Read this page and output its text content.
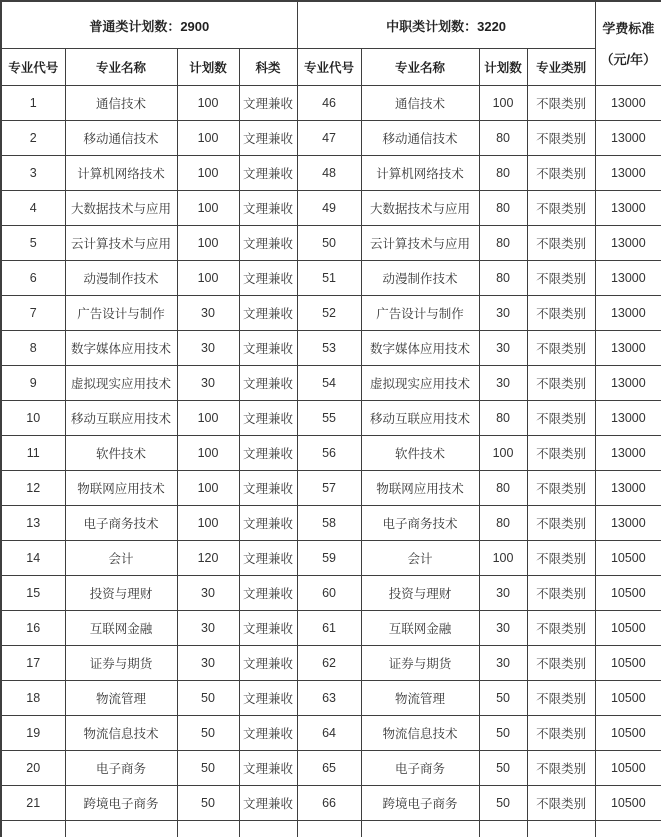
普通类计划数：2900				中职类计划数：3220				学费标准
（元/年）

专业代号	专业名称	计划数	科类	专业代号	专业名称	计划数	专业类别	
1	通信技术	100	文理兼收	46	通信技术	100	不限类别	13000
2	移动通信技术	100	文理兼收	47	移动通信技术	80	不限类别	13000
3	计算机网络技术	100	文理兼收	48	计算机网络技术	80	不限类别	13000
4	大数据技术与应用	100	文理兼收	49	大数据技术与应用	80	不限类别	13000
5	云计算技术与应用	100	文理兼收	50	云计算技术与应用	80	不限类别	13000
6	动漫制作技术	100	文理兼收	51	动漫制作技术	80	不限类别	13000
7	广告设计与制作	30	文理兼收	52	广告设计与制作	30	不限类别	13000
8	数字媒体应用技术	30	文理兼收	53	数字媒体应用技术	30	不限类别	13000
9	虚拟现实应用技术	30	文理兼收	54	虚拟现实应用技术	30	不限类别	13000
10	移动互联应用技术	100	文理兼收	55	移动互联应用技术	80	不限类别	13000
11	软件技术	100	文理兼收	56	软件技术	100	不限类别	13000
12	物联网应用技术	100	文理兼收	57	物联网应用技术	80	不限类别	13000
13	电子商务技术	100	文理兼收	58	电子商务技术	80	不限类别	13000
14	会计	120	文理兼收	59	会计	100	不限类别	10500
15	投资与理财	30	文理兼收	60	投资与理财	30	不限类别	10500
16	互联网金融	30	文理兼收	61	互联网金融	30	不限类别	10500
17	证券与期货	30	文理兼收	62	证券与期货	30	不限类别	10500
18	物流管理	50	文理兼收	63	物流管理	50	不限类别	10500
19	物流信息技术	50	文理兼收	64	物流信息技术	50	不限类别	10500
20	电子商务	50	文理兼收	65	电子商务	50	不限类别	10500
21	跨境电子商务	50	文理兼收	66	跨境电子商务	50	不限类别	10500
